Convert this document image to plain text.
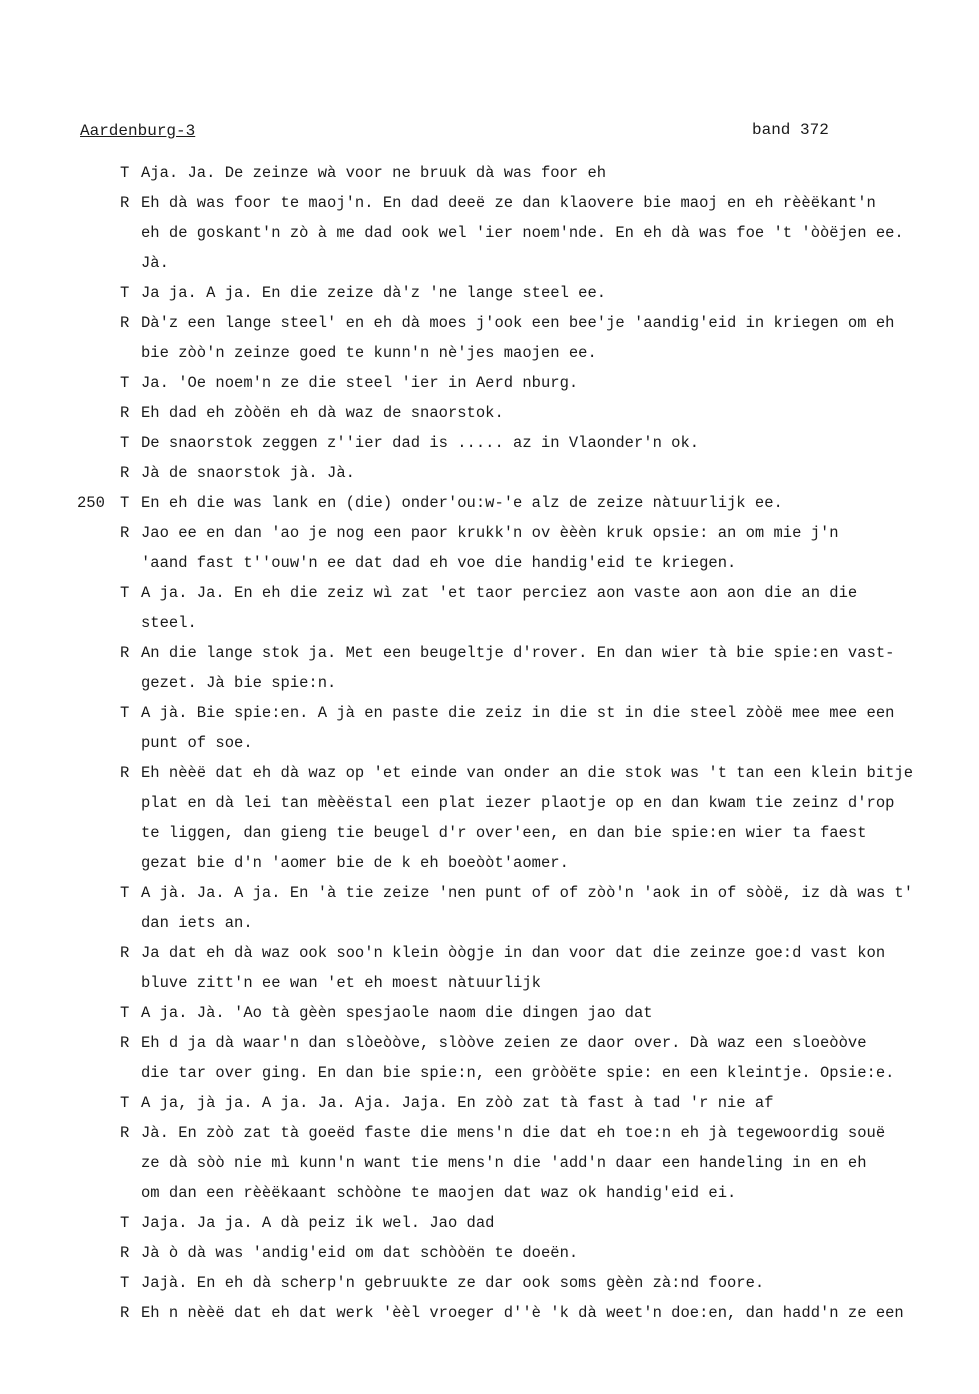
Aardenburg-3	band 372
T Aja. Ja. De zeinze wà voor ne bruuk dà was foor eh
R Eh dà was foor te maoj'n. En dad deeë ze dan klaovere bie maoj en eh rèèëkant'n
eh de goskant'n zò à me dad ook wel 'ier noem'nde. En eh dà was foe 't 'òòëjen ee.
Jà.
T Ja ja. A ja. En die zeize dà'z 'ne lange steel ee.
R Dà'z een lange steel' en eh dà moes j'ook een bee'je 'aandig'eid in kriegen om eh
bie zòò'n zeinze goed te kunn'n nè'jes maojen ee.
T Ja. 'Oe noem'n ze die steel 'ier in Aerd nburg.
R Eh dad eh zòòën eh dà waz de snaorstok.
T De snaorstok zeggen z''ier dad is ..... az in Vlaonder'n ok.
R Jà de snaorstok jà. Jà.
250 T En eh die was lank en (die) onder'ou:w-'e alz de zeize nàtuurlijk ee.
R Jao ee en dan 'ao je nog een paor krukk'n ov èèèn kruk opsie: an om mie j'n
'aand fast t''ouw'n ee dat dad eh voe die handig'eid te kriegen.
T A ja. Ja. En eh die zeiz wì zat 'et taor perciez aon vaste aon aon die an die
steel.
R An die lange stok ja. Met een beugeltje d'rover. En dan wier tà bie spie:en vast-
gezet. Jà bie spie:n.
T A jà. Bie spie:en. A jà en paste die zeiz in die st in die steel zòòë mee mee een
punt of soe.
R Eh nèèë dat eh dà waz op 'et einde van onder an die stok was 't tan een klein bitje
plat en dà lei tan mèèëstal een plat iezer plaotje op en dan kwam tie zeinz d'rop
te liggen, dan gieng tie beugel d'r over'een, en dan bie spie:en wier ta faest
gezat bie d'n 'aomer bie de k eh boeòòt'aomer.
T A jà. Ja. A ja. En 'à tie zeize 'nen punt of of zòò'n 'aok in of sòòë, iz dà was t'
dan iets an.
R Ja dat eh dà waz ook soo'n klein òògje in dan voor dat die zeinze goe:d vast kon
bluve zitt'n ee wan 'et eh moest nàtuurlijk
T A ja. Jà. 'Ao tà gèèn spesjaole naom die dingen jao dat
R Eh d ja dà waar'n dan slòeòòve, slòòve zeien ze daor over. Dà waz een sloeòòve
die tar over ging. En dan bie spie:n, een gròòëte spie: en een kleintje. Opsie:e.
T A ja, jà ja. A ja. Ja. Aja. Jaja. En zòò zat tà fast à tad 'r nie af
R Jà. En zòò zat tà goeëd faste die mens'n die dat eh toe:n eh jà tegewoordig souë
ze dà sòò nie mì kunn'n want tie mens'n die 'add'n daar een handeling in en eh
om dan een rèèëkaant schòòne te maojen dat waz ok handig'eid ei.
T Jaja. Ja ja. A dà peiz ik wel. Jao dad
R Jà ò dà was 'andig'eid om dat schòòën te doeën.
T Jajà. En eh dà scherp'n gebruukte ze dar ook soms gèèn zà:nd foore.
R Eh n nèèë dat eh dat werk 'èèl vroeger d''è 'k dà weet'n doe:en, dan hadd'n ze een
